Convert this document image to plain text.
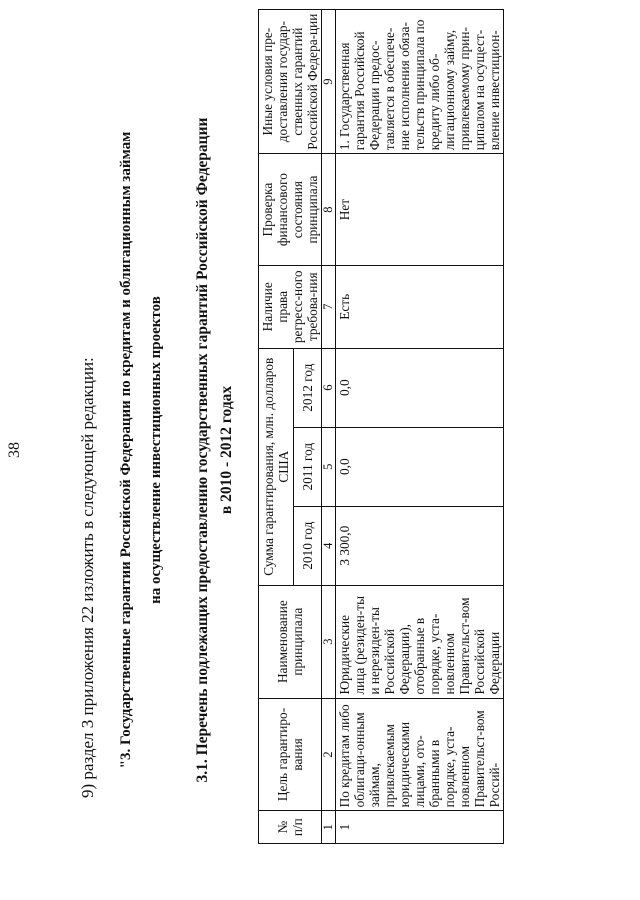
38	9) раздел 3 приложения 22 изложить в следующей редакции: "3. Государственные гарантии Российской Федерации по кредитам и облигационным займам на осуществление инвестиционных проектов 3.1. Перечень подлежащих предоставлению государственных гарантий Российской Федерации в 2010 - 2012 годах
№ п/п	Цель гарантиро-вания	Наименование принципала	Сумма гарантирования, млн. долларов США			Наличие права регресс-ного требова-ния	Проверка финансового состояния принципала	Иные условия пре-доставления государ-ственных гарантий Российской Федера-ции
			2010 год	2011 год	2012 год			
1	2	3	4	5	6	7	8	9
1	По кредитам либо облигаци-онным займам, привлекаемым юридическими лицами, ото-бранными в порядке, уста-новленном Правительст-вом Россий-	Юридические лица (резиден-ты и нерезиден-ты Российской Федерации), отобранные в порядке, уста-новленном Правительст-вом Российской Федерации	3 300,0	0,0	0,0	Есть	Нет	1. Государственная гарантия Российской Федерации предос-тавляется в обеспече-ние исполнения обяза-тельств принципала по кредиту либо об-лигационному займу, привлекаемому прин-ципалом на осущест-вление инвестицион-
